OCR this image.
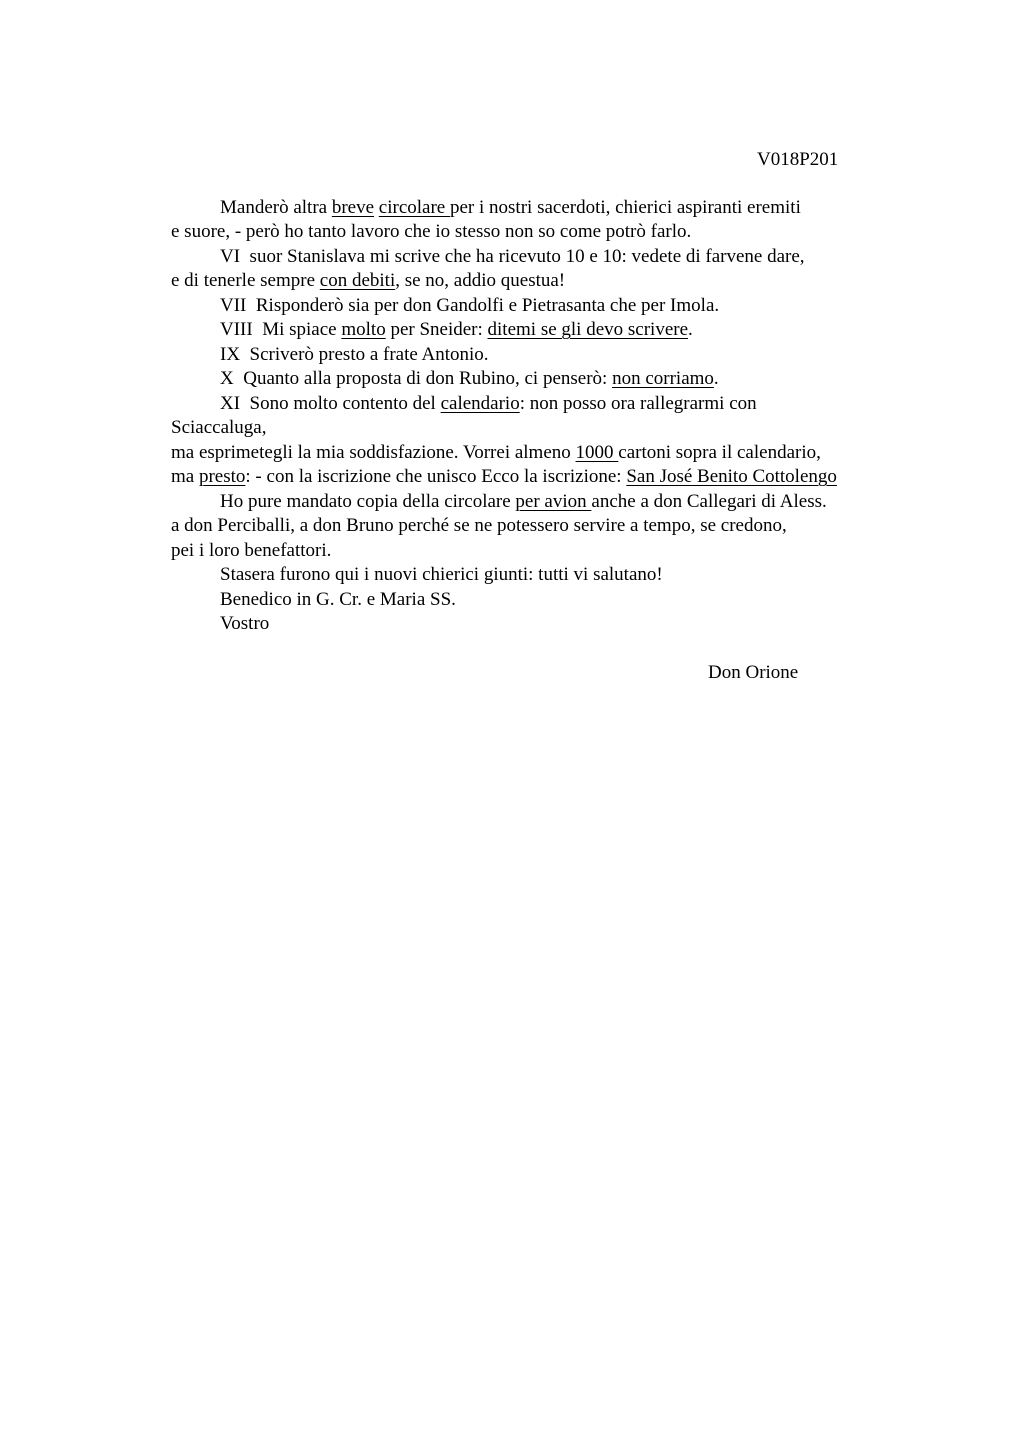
V018P201
Manderò altra breve circolare per i nostri sacerdoti, chierici aspiranti eremiti
e suore, - però ho tanto lavoro che io stesso non so come potrò farlo.
VI  suor Stanislava mi scrive che ha ricevuto 10 e 10: vedete di farvene dare,
e di tenerle sempre con debiti, se no, addio questua!
VII  Risponderò sia per don Gandolfi e Pietrasanta che per Imola.
VIII  Mi spiace molto per Sneider: ditemi se gli devo scrivere.
IX  Scriverò presto a frate Antonio.
X  Quanto alla proposta di don Rubino, ci penserò: non corriamo.
XI  Sono molto contento del calendario: non posso ora rallegrarmi con
Sciaccaluga,
ma esprimetegli la mia soddisfazione. Vorrei almeno 1000 cartoni sopra il calendario,
ma presto: - con la iscrizione che unisco Ecco la iscrizione: San José Benito Cottolengo
Ho pure mandato copia della circolare per avion anche a don Callegari di Aless.
a don Perciballi, a don Bruno perché se ne potessero servire a tempo, se credono,
pei i loro benefattori.
Stasera furono qui i nuovi chierici giunti: tutti vi salutano!
Benedico in G. Cr. e Maria SS.
Vostro
Don Orione
